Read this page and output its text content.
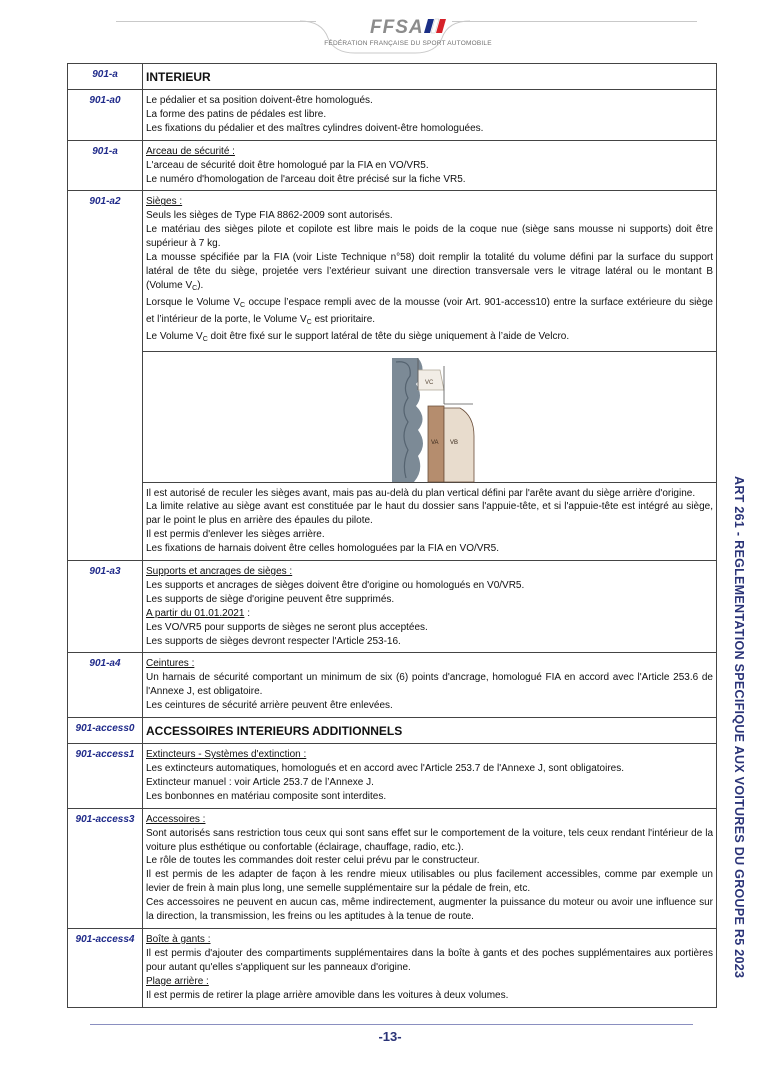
FFSA
FÉDÉRATION FRANÇAISE DU SPORT AUTOMOBILE
901-a	INTERIEUR
901-a0	Le pédalier et sa position doivent-être homologués.

La forme des patins de pédales est libre.

Les fixations du pédalier et des maîtres cylindres doivent-être homologuées.

901-a	Arceau de sécurité :

L'arceau de sécurité doit être homologué par la FIA en VO/VR5.

Le numéro d'homologation de l'arceau doit être précisé sur la fiche VR5.

901-a2	Sièges :

Seuls les sièges de Type FIA 8862-2009 sont autorisés.

Le matériau des sièges pilote et copilote est libre mais le poids de la coque nue (siège sans mousse ni supports) doit être supérieur à 7 kg.

La mousse spécifiée par la FIA (voir Liste Technique n°58) doit remplir la totalité du volume défini par la surface du support latéral de tête du siège, projetée vers l’extérieur suivant une direction transversale vers le vitrage latéral ou le montant B (Volume $V_C$).

Lorsque le Volume $V_C$ occupe l’espace rempli avec de la mousse (voir Art. 901-access10) entre la surface extérieure du siège et l’intérieur de la porte, le Volume $V_C$ est prioritaire.

Le Volume $V_C$ doit être fixé sur le support latéral de tête du siège uniquement à l’aide de Velcro.

VC
VA VB

Il est autorisé de reculer les sièges avant, mais pas au-delà du plan vertical défini par l'arête avant du siège arrière d'origine.

La limite relative au siège avant est constituée par le haut du dossier sans l'appuie-tête, et si l'appuie-tête est intégré au siège, par le point le plus en arrière des épaules du pilote.

Il est permis d'enlever les sièges arrière.

Les fixations de harnais doivent être celles homologuées par la FIA en VO/VR5.

901-a3	Supports et ancrages de sièges :

Les supports et ancrages de sièges doivent être d'origine ou homologués en V0/VR5.

Les supports de siège d'origine peuvent être supprimés.

A partir du 01.01.2021 :

Les VO/VR5 pour supports de sièges ne seront plus acceptées.

Les supports de sièges devront respecter l'Article 253-16.

901-a4	Ceintures :

Un harnais de sécurité comportant un minimum de six (6) points d'ancrage, homologué FIA en accord avec l'Article 253.6 de l'Annexe J, est obligatoire.

Les ceintures de sécurité arrière peuvent être enlevées.

901-access0 ACCESSOIRES INTERIEURS ADDITIONNELS
901-access1	Extincteurs - Systèmes d'extinction :

Les extincteurs automatiques, homologués et en accord avec l'Article 253.7 de l'Annexe J, sont obligatoires.

Extincteur manuel : voir Article 253.7 de l’Annexe J.

Les bonbonnes en matériau composite sont interdites.

901-access3	Accessoires :

Sont autorisés sans restriction tous ceux qui sont sans effet sur le comportement de la voiture, tels ceux rendant l'intérieur de la voiture plus esthétique ou confortable (éclairage, chauffage, radio, etc.).

Le rôle de toutes les commandes doit rester celui prévu par le constructeur.

Il est permis de les adapter de façon à les rendre mieux utilisables ou plus facilement accessibles, comme par exemple un levier de frein à main plus long, une semelle supplémentaire sur la pédale de frein, etc.

Ces accessoires ne peuvent en aucun cas, même indirectement, augmenter la puissance du moteur ou avoir une influence sur la direction, la transmission, les freins ou les aptitudes à la tenue de route.

901-access4	Boîte à gants :

Il est permis d'ajouter des compartiments supplémentaires dans la boîte à gants et des poches supplémentaires aux portières pour autant qu'elles s'appliquent sur les panneaux d'origine.

Plage arrière :

Il est permis de retirer la plage arrière amovible dans les voitures à deux volumes.

ART 261 - REGLEMENTATION SPECIFIQUE AUX VOITURES DU GROUPE R5 2023
-13-
